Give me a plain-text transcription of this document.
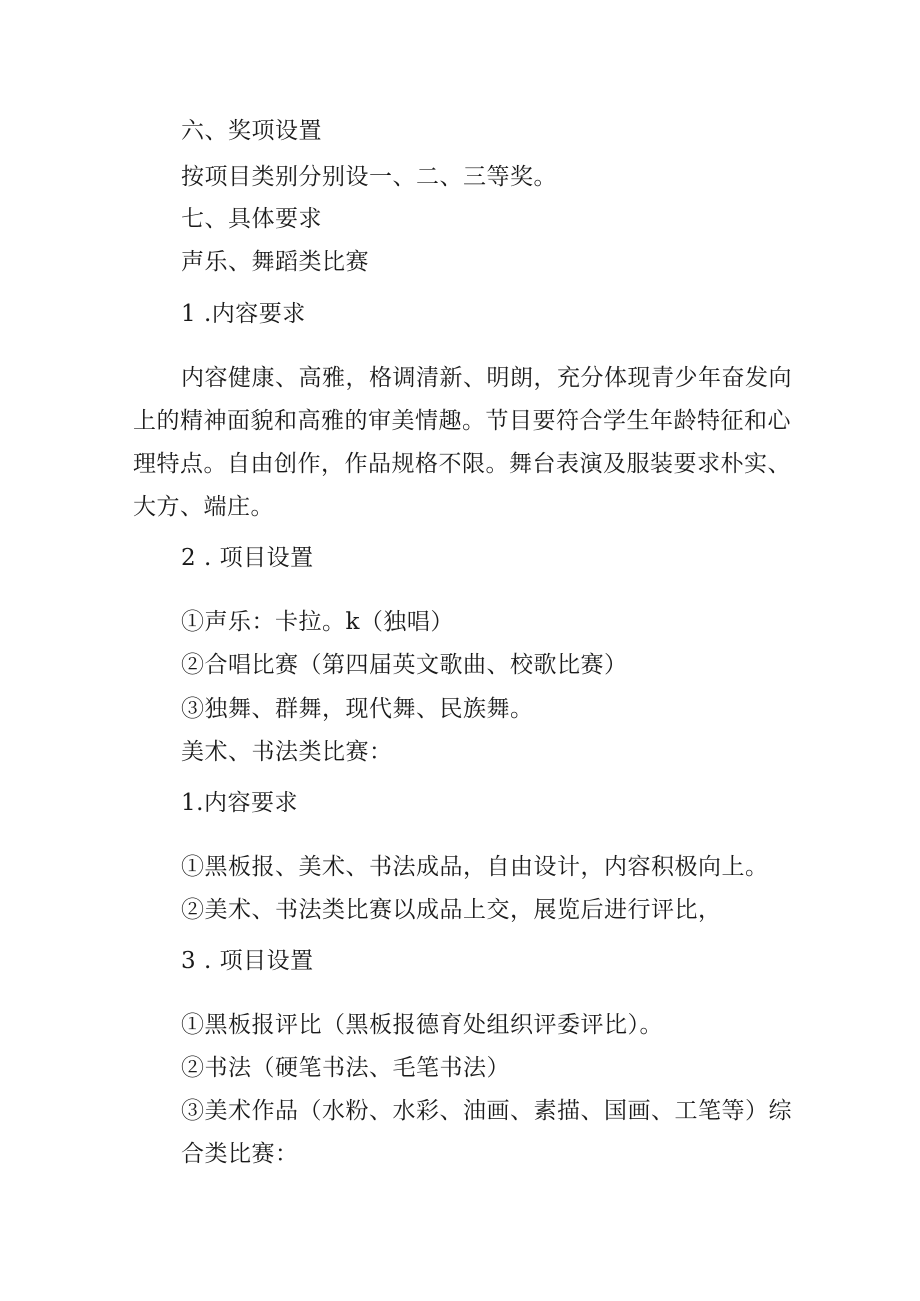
六、奖项设置
按项目类别分别设一、二、三等奖。
七、具体要求
声乐、舞蹈类比赛
1 .内容要求
内容健康、高雅，格调清新、明朗，充分体现青少年奋发向
上的精神面貌和高雅的审美情趣。节目要符合学生年龄特征和心
理特点。自由创作，作品规格不限。舞台表演及服装要求朴实、
大方、端庄。
2 . 项目设置
①声乐：卡拉。k（独唱）
②合唱比赛（第四届英文歌曲、校歌比赛）
③独舞、群舞，现代舞、民族舞。
美术、书法类比赛：
1.内容要求
①黑板报、美术、书法成品，自由设计，内容积极向上。
②美术、书法类比赛以成品上交，展览后进行评比，
3 . 项目设置
①黑板报评比（黑板报德育处组织评委评比）。
②书法（硬笔书法、毛笔书法）
③美术作品（水粉、水彩、油画、素描、国画、工笔等）综
合类比赛：
